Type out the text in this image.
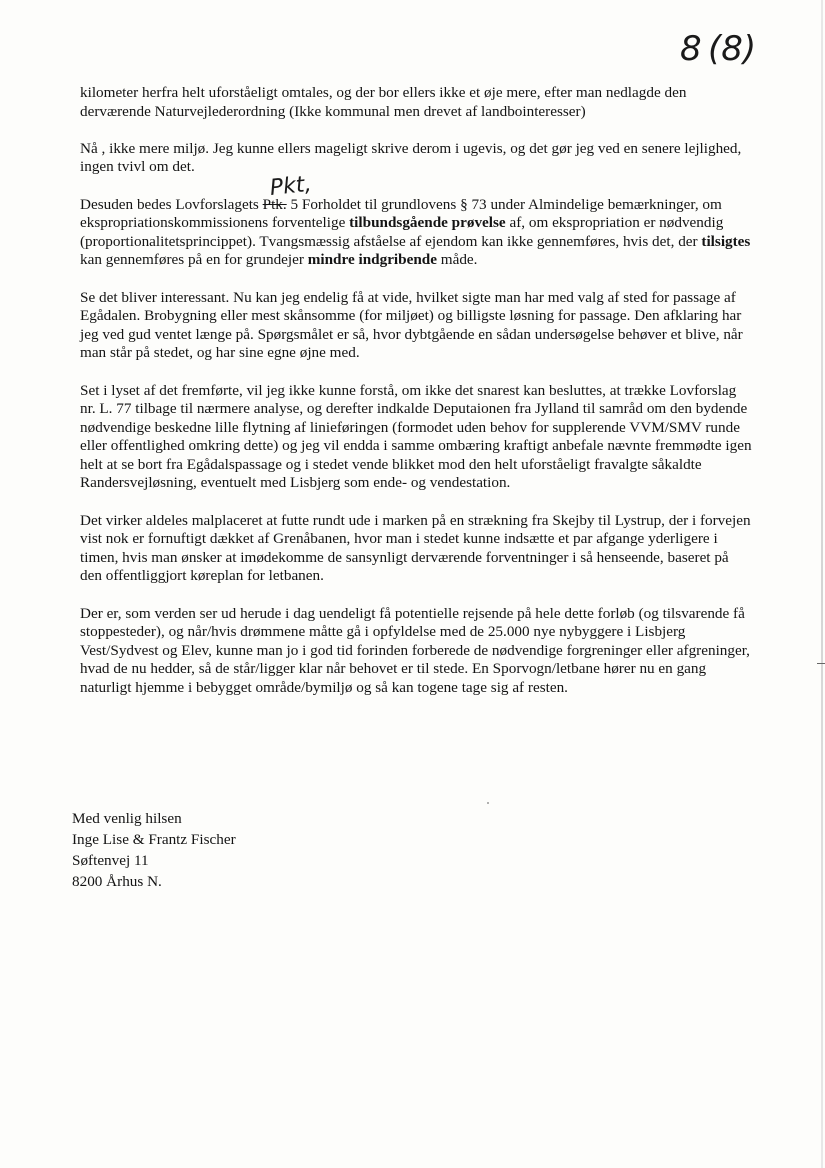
8 (8)
Pkt,

kilometer herfra helt uforståeligt omtales, og der bor ellers ikke et øje mere, efter man nedlagde den derværende Naturvejlederordning (Ikke kommunal men drevet af landbointeresser)

Nå , ikke mere miljø. Jeg kunne ellers mageligt skrive derom i ugevis, og det gør jeg ved en senere lejlighed, ingen tvivl om det.

Desuden bedes Lovforslagets Ptk. 5 Forholdet til grundlovens § 73 under Almindelige bemærkninger, om ekspropriationskommissionens forventelige tilbundsgående prøvelse af, om ekspropriation er nødvendig (proportionalitetsprincippet). Tvangsmæssig afståelse af ejendom kan ikke gennemføres, hvis det, der tilsigtes kan gennemføres på en for grundejer mindre indgribende måde.

Se det bliver interessant. Nu kan jeg endelig få at vide, hvilket sigte man har med valg af sted for passage af Egådalen. Brobygning eller mest skånsomme (for miljøet) og billigste løsning for passage. Den afklaring har jeg ved gud ventet længe på. Spørgsmålet er så, hvor dybtgående en sådan undersøgelse behøver et blive, når man står på stedet, og har sine egne øjne med.

Set i lyset af det fremførte, vil jeg ikke kunne forstå, om ikke det snarest kan besluttes, at trække Lovforslag nr. L. 77 tilbage til nærmere analyse, og derefter indkalde Deputaionen fra Jylland til samråd om den bydende nødvendige beskedne lille flytning af linieføringen (formodet uden behov for supplerende VVM/SMV runde eller offentlighed omkring dette) og jeg vil endda i samme ombæring kraftigt anbefale nævnte fremmødte igen helt at se bort fra Egådalspassage og i stedet vende blikket mod den helt uforståeligt fravalgte såkaldte Randersvejløsning, eventuelt med Lisbjerg som ende- og vendestation.

Det virker aldeles malplaceret at futte rundt ude i marken på en strækning fra Skejby til Lystrup, der i forvejen vist nok er fornuftigt dækket af Grenåbanen, hvor man i stedet kunne indsætte et par afgange yderligere i timen, hvis man ønsker at imødekomme de sansynligt derværende forventninger i så henseende, baseret på den offentliggjort køreplan for letbanen.

Der er, som verden ser ud herude i dag uendeligt få potentielle rejsende på hele dette forløb (og tilsvarende få stoppesteder), og når/hvis drømmene måtte gå i opfyldelse med de 25.000 nye nybyggere i Lisbjerg Vest/Sydvest og Elev, kunne man jo i god tid forinden forberede de nødvendige forgreninger eller afgreninger, hvad de nu hedder, så de står/ligger klar når behovet er til stede. En Sporvogn/letbane hører nu en gang naturligt hjemme i bebygget område/bymiljø og så kan togene tage sig af resten.

Med venlig hilsen
Inge Lise & Frantz Fischer
Søftenvej 11
8200 Århus N.
